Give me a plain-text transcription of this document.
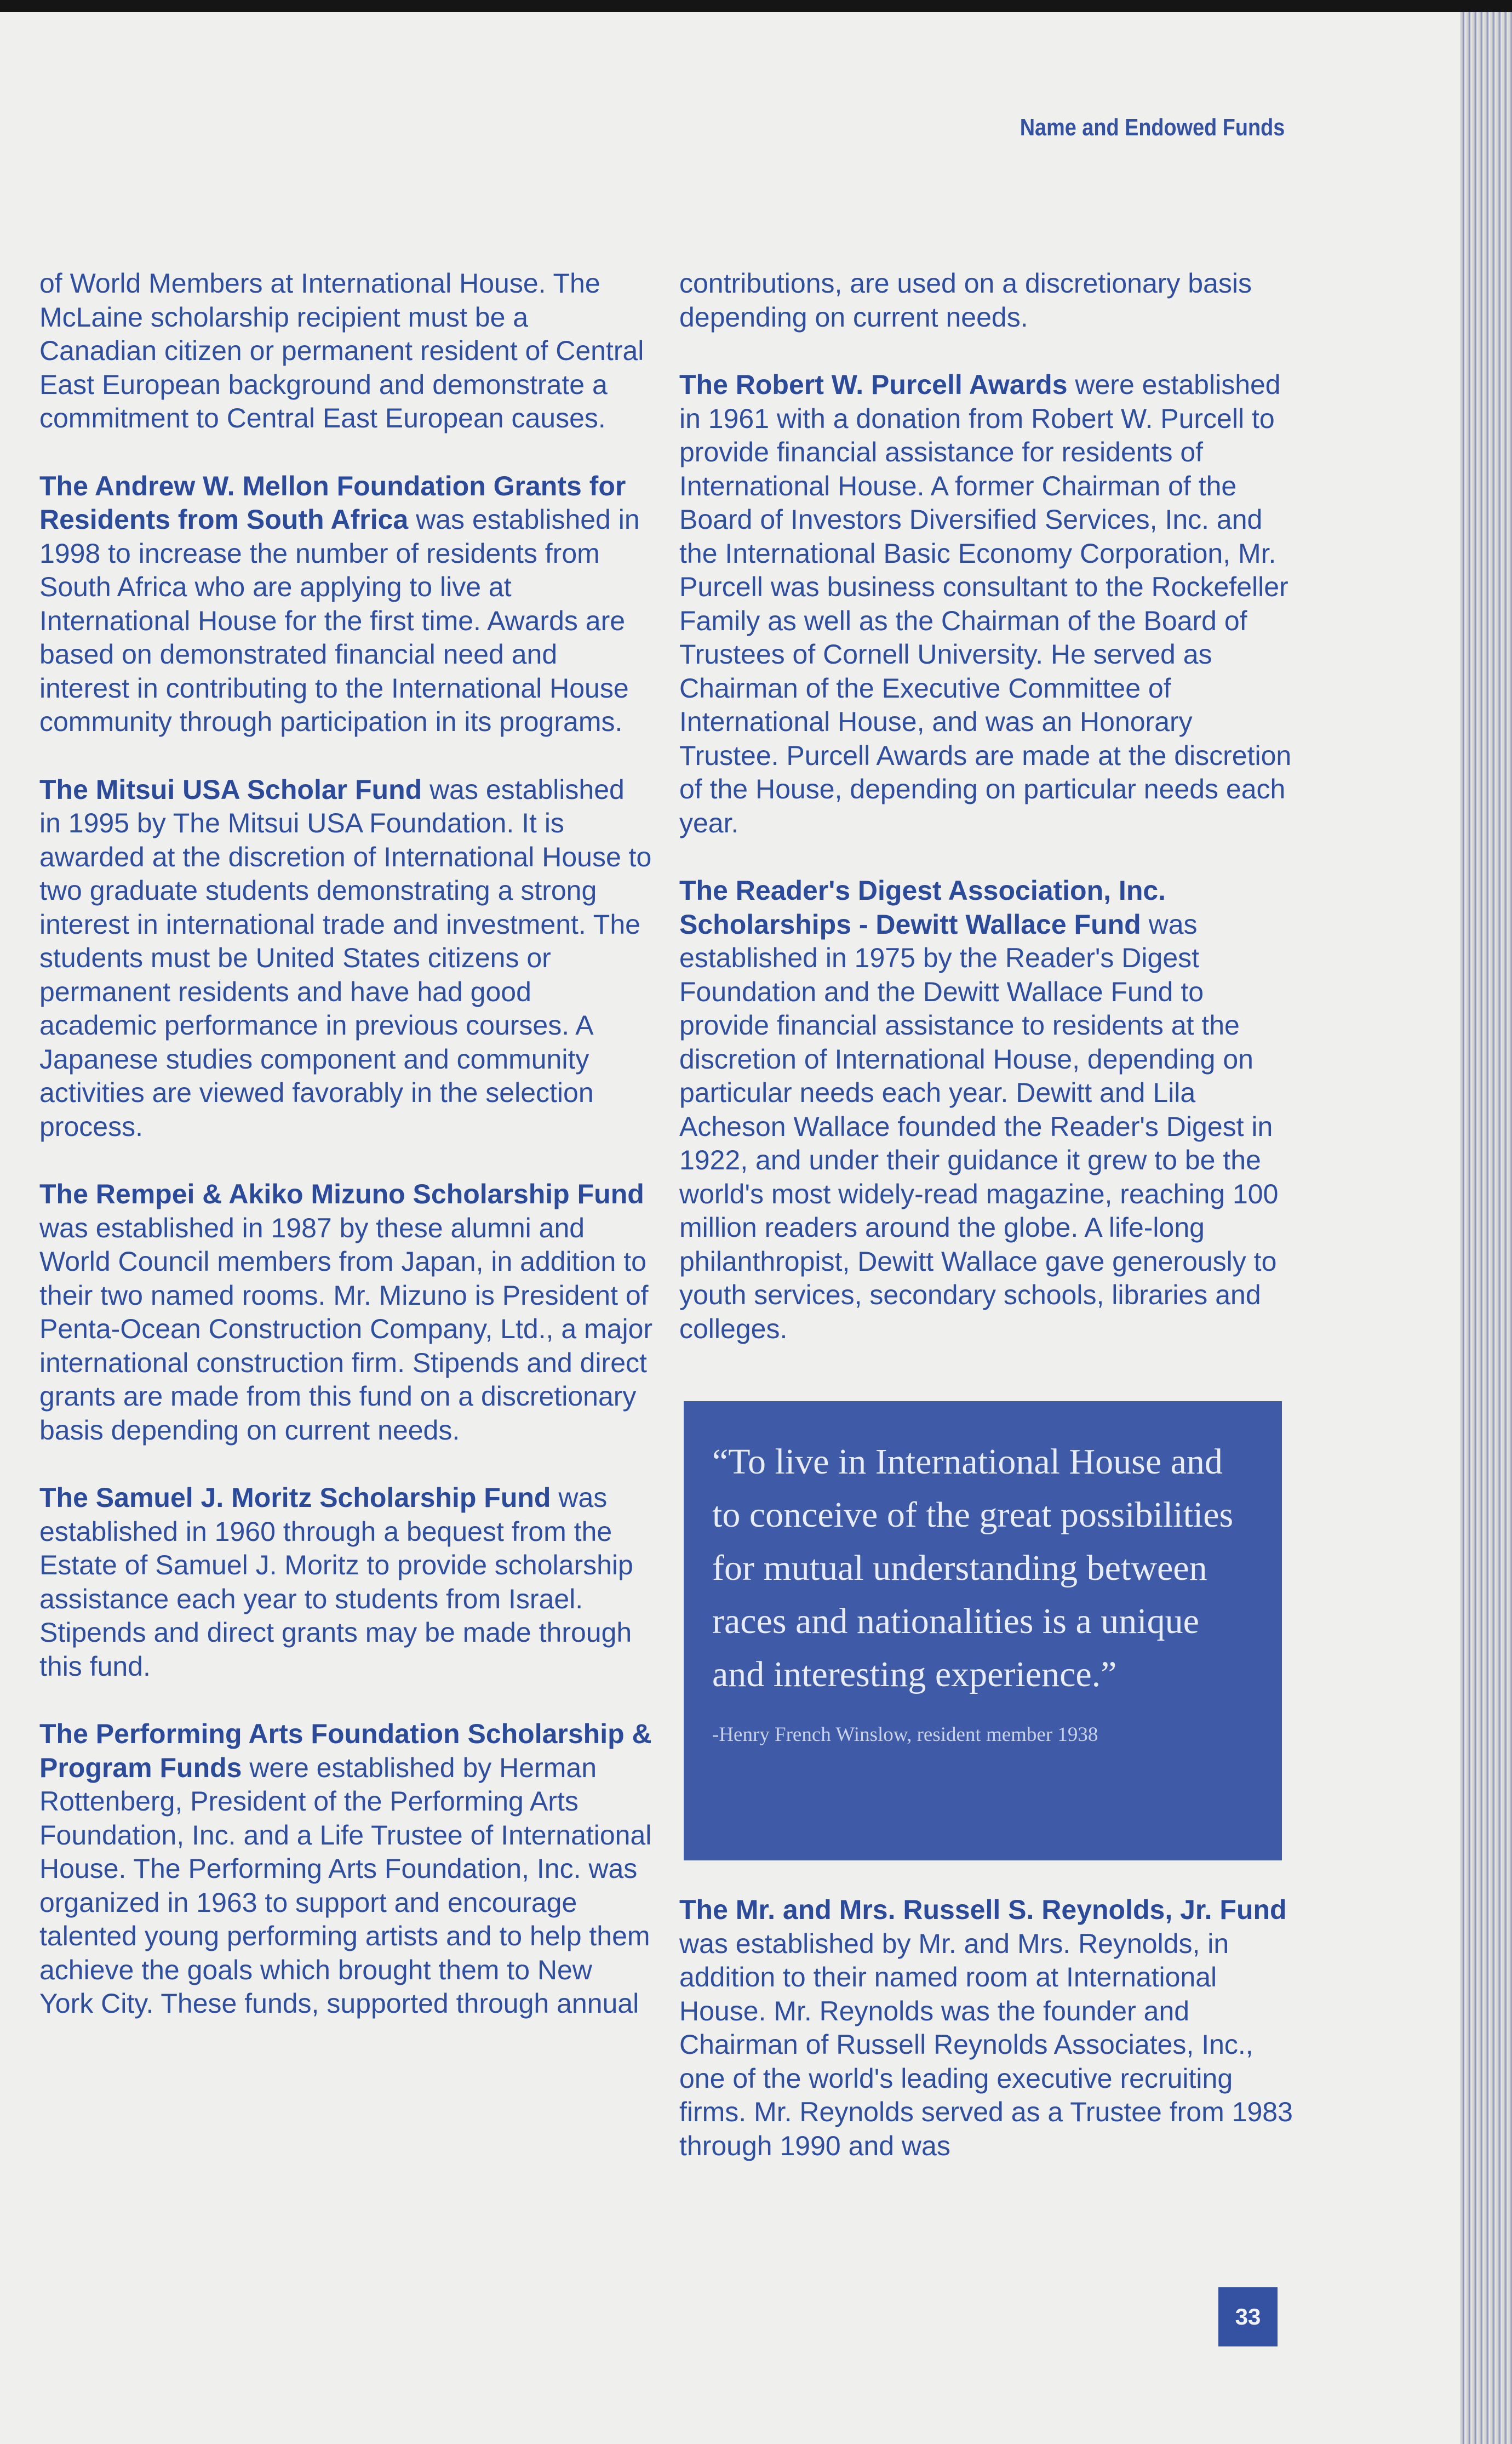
Name and Endowed Funds

of World Members at International House. The McLaine scholarship recipient must be a Canadian citizen or permanent resident of Central East European background and demonstrate a commitment to Central East European causes.

The Andrew W. Mellon Foundation Grants for Residents from South Africa was established in 1998 to increase the number of residents from South Africa who are applying to live at International House for the first time. Awards are based on demonstrated financial need and interest in contributing to the International House community through participation in its programs.

The Mitsui USA Scholar Fund was established in 1995 by The Mitsui USA Foundation. It is awarded at the discretion of International House to two graduate students demonstrating a strong interest in international trade and investment. The students must be United States citizens or permanent residents and have had good academic performance in previous courses. A Japanese studies component and community activities are viewed favorably in the selection process.

The Rempei & Akiko Mizuno Scholarship Fund was established in 1987 by these alumni and World Council members from Japan, in addition to their two named rooms. Mr. Mizuno is President of Penta-Ocean Construction Company, Ltd., a major international construction firm. Stipends and direct grants are made from this fund on a discretionary basis depending on current needs.

The Samuel J. Moritz Scholarship Fund was established in 1960 through a bequest from the Estate of Samuel J. Moritz to provide scholarship assistance each year to students from Israel. Stipends and direct grants may be made through this fund.

The Performing Arts Foundation Scholarship & Program Funds were established by Herman Rottenberg, President of the Performing Arts Foundation, Inc. and a Life Trustee of International House. The Performing Arts Foundation, Inc. was organized in 1963 to support and encourage talented young performing artists and to help them achieve the goals which brought them to New York City. These funds, supported through annual

contributions, are used on a discretionary basis depending on current needs.

The Robert W. Purcell Awards were established in 1961 with a donation from Robert W. Purcell to provide financial assistance for residents of International House. A former Chairman of the Board of Investors Diversified Services, Inc. and the International Basic Economy Corporation, Mr. Purcell was business consultant to the Rockefeller Family as well as the Chairman of the Board of Trustees of Cornell University. He served as Chairman of the Executive Committee of International House, and was an Honorary Trustee. Purcell Awards are made at the discretion of the House, depending on particular needs each year.

The Reader's Digest Association, Inc. Scholarships - Dewitt Wallace Fund was established in 1975 by the Reader's Digest Foundation and the Dewitt Wallace Fund to provide financial assistance to residents at the discretion of International House, depending on particular needs each year. Dewitt and Lila Acheson Wallace founded the Reader's Digest in 1922, and under their guidance it grew to be the world's most widely-read magazine, reaching 100 million readers around the globe. A life-long philanthropist, Dewitt Wallace gave generously to youth services, secondary schools, libraries and colleges.

“To live in International House and to conceive of the great possibilities for mutual understanding between races and nationalities is a unique and interesting experience.”

-Henry French Winslow, resident member 1938

The Mr. and Mrs. Russell S. Reynolds, Jr. Fund was established by Mr. and Mrs. Reynolds, in addition to their named room at International House. Mr. Reynolds was the founder and Chairman of Russell Reynolds Associates, Inc., one of the world's leading executive recruiting firms. Mr. Reynolds served as a Trustee from 1983 through 1990 and was

33
